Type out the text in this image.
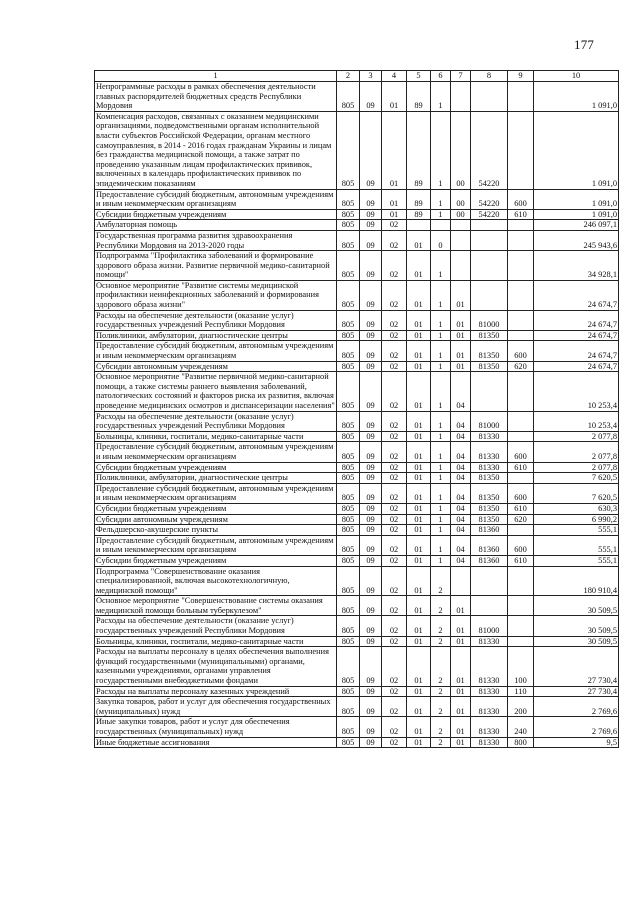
177
1	2	3	4	5	6	7	8	9	10
Непрограммные расходы в рамках обеспечения деятельности главных распорядителей бюджетных средств Республики Мордовия	805	09	01	89	1				1 091,0
Компенсация расходов, связанных с оказанием медицинскими организациями, подведомственными органам исполнительной власти субъектов Российской Федерации, органам местного самоуправления, в 2014 - 2016 годах гражданам Украины и лицам без гражданства медицинской помощи, а также затрат по проведению указанным лицам профилактических прививок, включенных в календарь профилактических прививок по эпидемическим показаниям	805	09	01	89	1	00	54220		1 091,0
Предоставление субсидий бюджетным, автономным учреждениям и иным некоммерческим организациям	805	09	01	89	1	00	54220	600	1 091,0
Субсидии бюджетным учреждениям	805	09	01	89	1	00	54220	610	1 091,0
Амбулаторная помощь	805	09	02						246 097,1
Государственная программа развития здравоохранения Республики Мордовия на 2013-2020 годы	805	09	02	01	0				245 943,6
Подпрограмма "Профилактика заболеваний и формирование здорового образа жизни. Развитие первичной медико-санитарной помощи"	805	09	02	01	1				34 928,1
Основное мероприятие "Развитие системы медицинской профилактики неинфекционных заболеваний и формирования здорового образа жизни"	805	09	02	01	1	01			24 674,7
Расходы на обеспечение деятельности (оказание услуг) государственных учреждений Республики Мордовия	805	09	02	01	1	01	81000		24 674,7
Поликлиники, амбулатории, диагностические центры	805	09	02	01	1	01	81350		24 674,7
Предоставление субсидий бюджетным, автономным учреждениям и иным некоммерческим организациям	805	09	02	01	1	01	81350	600	24 674,7
Субсидии автономным учреждениям	805	09	02	01	1	01	81350	620	24 674,7
Основное мероприятие "Развитие первичной медико-санитарной помощи, а также системы раннего выявления заболеваний, патологических состояний и факторов риска их развития, включая проведение медицинских осмотров и диспансеризации населения"	805	09	02	01	1	04			10 253,4
Расходы на обеспечение деятельности (оказание услуг) государственных учреждений Республики Мордовия	805	09	02	01	1	04	81000		10 253,4
Больницы, клиники, госпитали, медико-санитарные части	805	09	02	01	1	04	81330		2 077,8
Предоставление субсидий бюджетным, автономным учреждениям и иным некоммерческим организациям	805	09	02	01	1	04	81330	600	2 077,8
Субсидии бюджетным учреждениям	805	09	02	01	1	04	81330	610	2 077,8
Поликлиники, амбулатории, диагностические центры	805	09	02	01	1	04	81350		7 620,5
Предоставление субсидий бюджетным, автономным учреждениям и иным некоммерческим организациям	805	09	02	01	1	04	81350	600	7 620,5
Субсидии бюджетным учреждениям	805	09	02	01	1	04	81350	610	630,3
Субсидии автономным учреждениям	805	09	02	01	1	04	81350	620	6 990,2
Фельдшерско-акушерские пункты	805	09	02	01	1	04	81360		555,1
Предоставление субсидий бюджетным, автономным учреждениям и иным некоммерческим организациям	805	09	02	01	1	04	81360	600	555,1
Субсидии бюджетным учреждениям	805	09	02	01	1	04	81360	610	555,1
Подпрограмма "Совершенствование оказания специализированной, включая высокотехнологичную, медицинской помощи"	805	09	02	01	2				180 910,4
Основное мероприятие "Совершенствование системы оказания медицинской помощи больным туберкулезом"	805	09	02	01	2	01			30 509,5
Расходы на обеспечение деятельности (оказание услуг) государственных учреждений Республики Мордовия	805	09	02	01	2	01	81000		30 509,5
Больницы, клиники, госпитали, медико-санитарные части	805	09	02	01	2	01	81330		30 509,5
Расходы на выплаты персоналу в целях обеспечения выполнения функций государственными (муниципальными) органами, казенными учреждениями, органами управления государственными внебюджетными фондами	805	09	02	01	2	01	81330	100	27 730,4
Расходы на выплаты персоналу казенных учреждений	805	09	02	01	2	01	81330	110	27 730,4
Закупка товаров, работ и услуг для обеспечения государственных (муниципальных) нужд	805	09	02	01	2	01	81330	200	2 769,6
Иные закупки товаров, работ и услуг для обеспечения государственных (муниципальных) нужд	805	09	02	01	2	01	81330	240	2 769,6
Иные бюджетные ассигнования	805	09	02	01	2	01	81330	800	9,5
